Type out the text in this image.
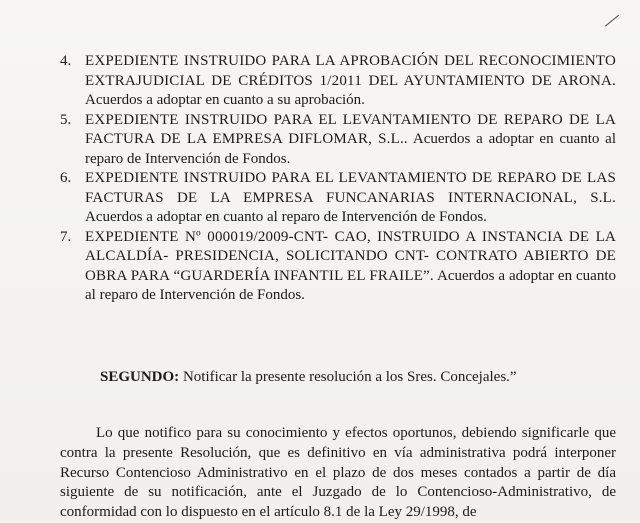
⁄
4. EXPEDIENTE INSTRUIDO PARA LA APROBACIÓN DEL RECONOCIMIENTO EXTRAJUDICIAL DE CRÉDITOS 1/2011 DEL AYUNTAMIENTO DE ARONA. Acuerdos a adoptar en cuanto a su aprobación.
5. EXPEDIENTE INSTRUIDO PARA EL LEVANTAMIENTO DE REPARO DE LA FACTURA DE LA EMPRESA DIFLOMAR, S.L.. Acuerdos a adoptar en cuanto al reparo de Intervención de Fondos.
6. EXPEDIENTE INSTRUIDO PARA EL LEVANTAMIENTO DE REPARO DE LAS FACTURAS DE LA EMPRESA FUNCANARIAS INTERNACIONAL, S.L. Acuerdos a adoptar en cuanto al reparo de Intervención de Fondos.
7. EXPEDIENTE Nº 000019/2009-CNT- CAO, INSTRUIDO A INSTANCIA DE LA ALCALDÍA- PRESIDENCIA, SOLICITANDO CNT- CONTRATO ABIERTO DE OBRA PARA “GUARDERÍA INFANTIL EL FRAILE”. Acuerdos a adoptar en cuanto al reparo de Intervención de Fondos.
SEGUNDO: Notificar la presente resolución a los Sres. Concejales.”
Lo que notifico para su conocimiento y efectos oportunos, debiendo significarle que contra la presente Resolución, que es definitivo en vía administrativa podrá interponer Recurso Contencioso Administrativo en el plazo de dos meses contados a partir de día siguiente de su notificación, ante el Juzgado de lo Contencioso-Administrativo, de conformidad con lo dispuesto en el artículo 8.1 de la Ley 29/1998, de
